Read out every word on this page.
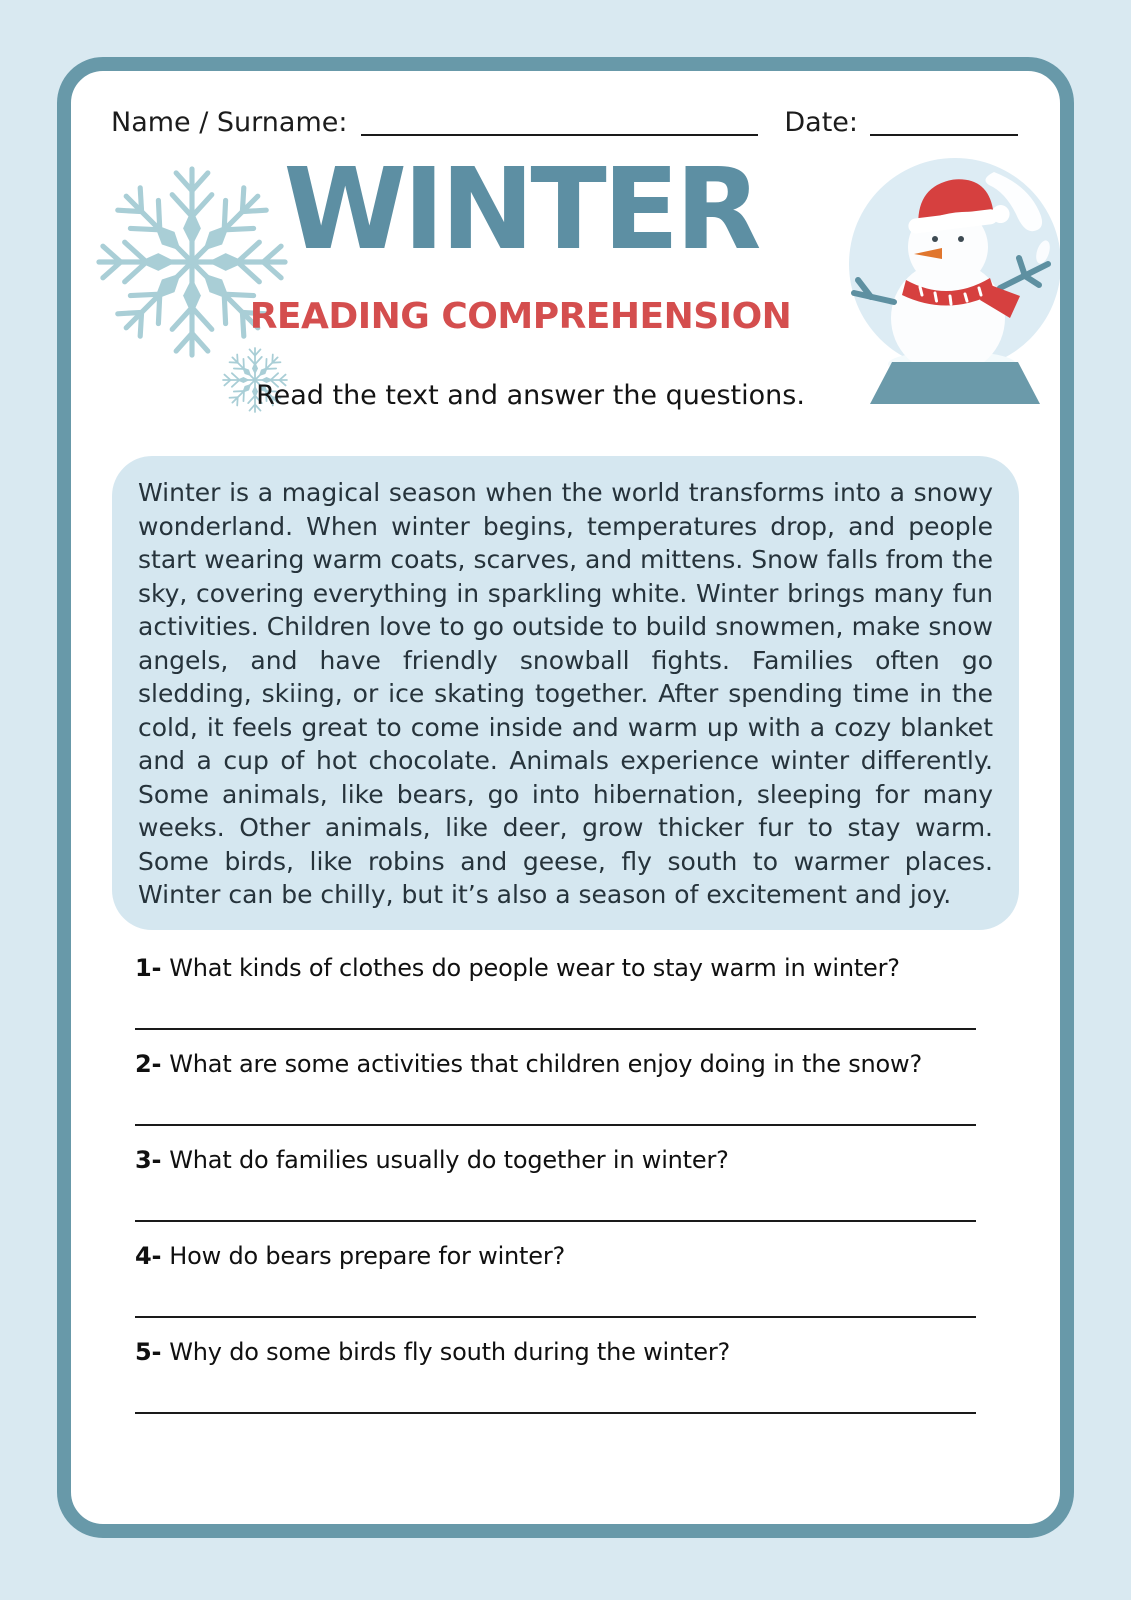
Name / Surname:	Date:
WINTER
READING COMPREHENSION
Read the text and answer the questions.
Winter is a magical season when the world transforms into a snowy wonderland. When winter begins, temperatures drop, and people start wearing warm coats, scarves, and mittens. Snow falls from the sky, covering everything in sparkling white. Winter brings many fun activities. Children love to go outside to build snowmen, make snow angels, and have friendly snowball fights. Families often go sledding, skiing, or ice skating together. After spending time in the cold, it feels great to come inside and warm up with a cozy blanket and a cup of hot chocolate. Animals experience winter differently. Some animals, like bears, go into hibernation, sleeping for many weeks. Other animals, like deer, grow thicker fur to stay warm. Some birds, like robins and geese, fly south to warmer places. Winter can be chilly, but it’s also a season of excitement and joy.
1- What kinds of clothes do people wear to stay warm in winter?
2- What are some activities that children enjoy doing in the snow?
3- What do families usually do together in winter?
4- How do bears prepare for winter?
5- Why do some birds fly south during the winter?
